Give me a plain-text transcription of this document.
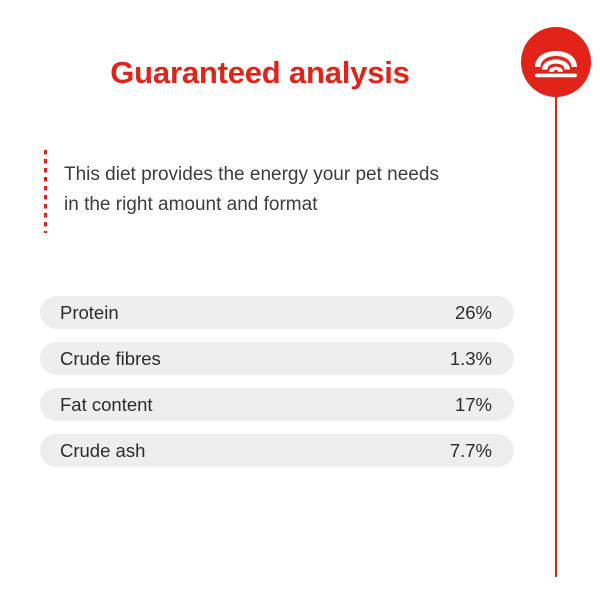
Guaranteed analysis
This diet provides the energy your pet needs
in the right amount and format
Protein	26%
Crude fibres	1.3%
Fat content	17%
Crude ash	7.7%
